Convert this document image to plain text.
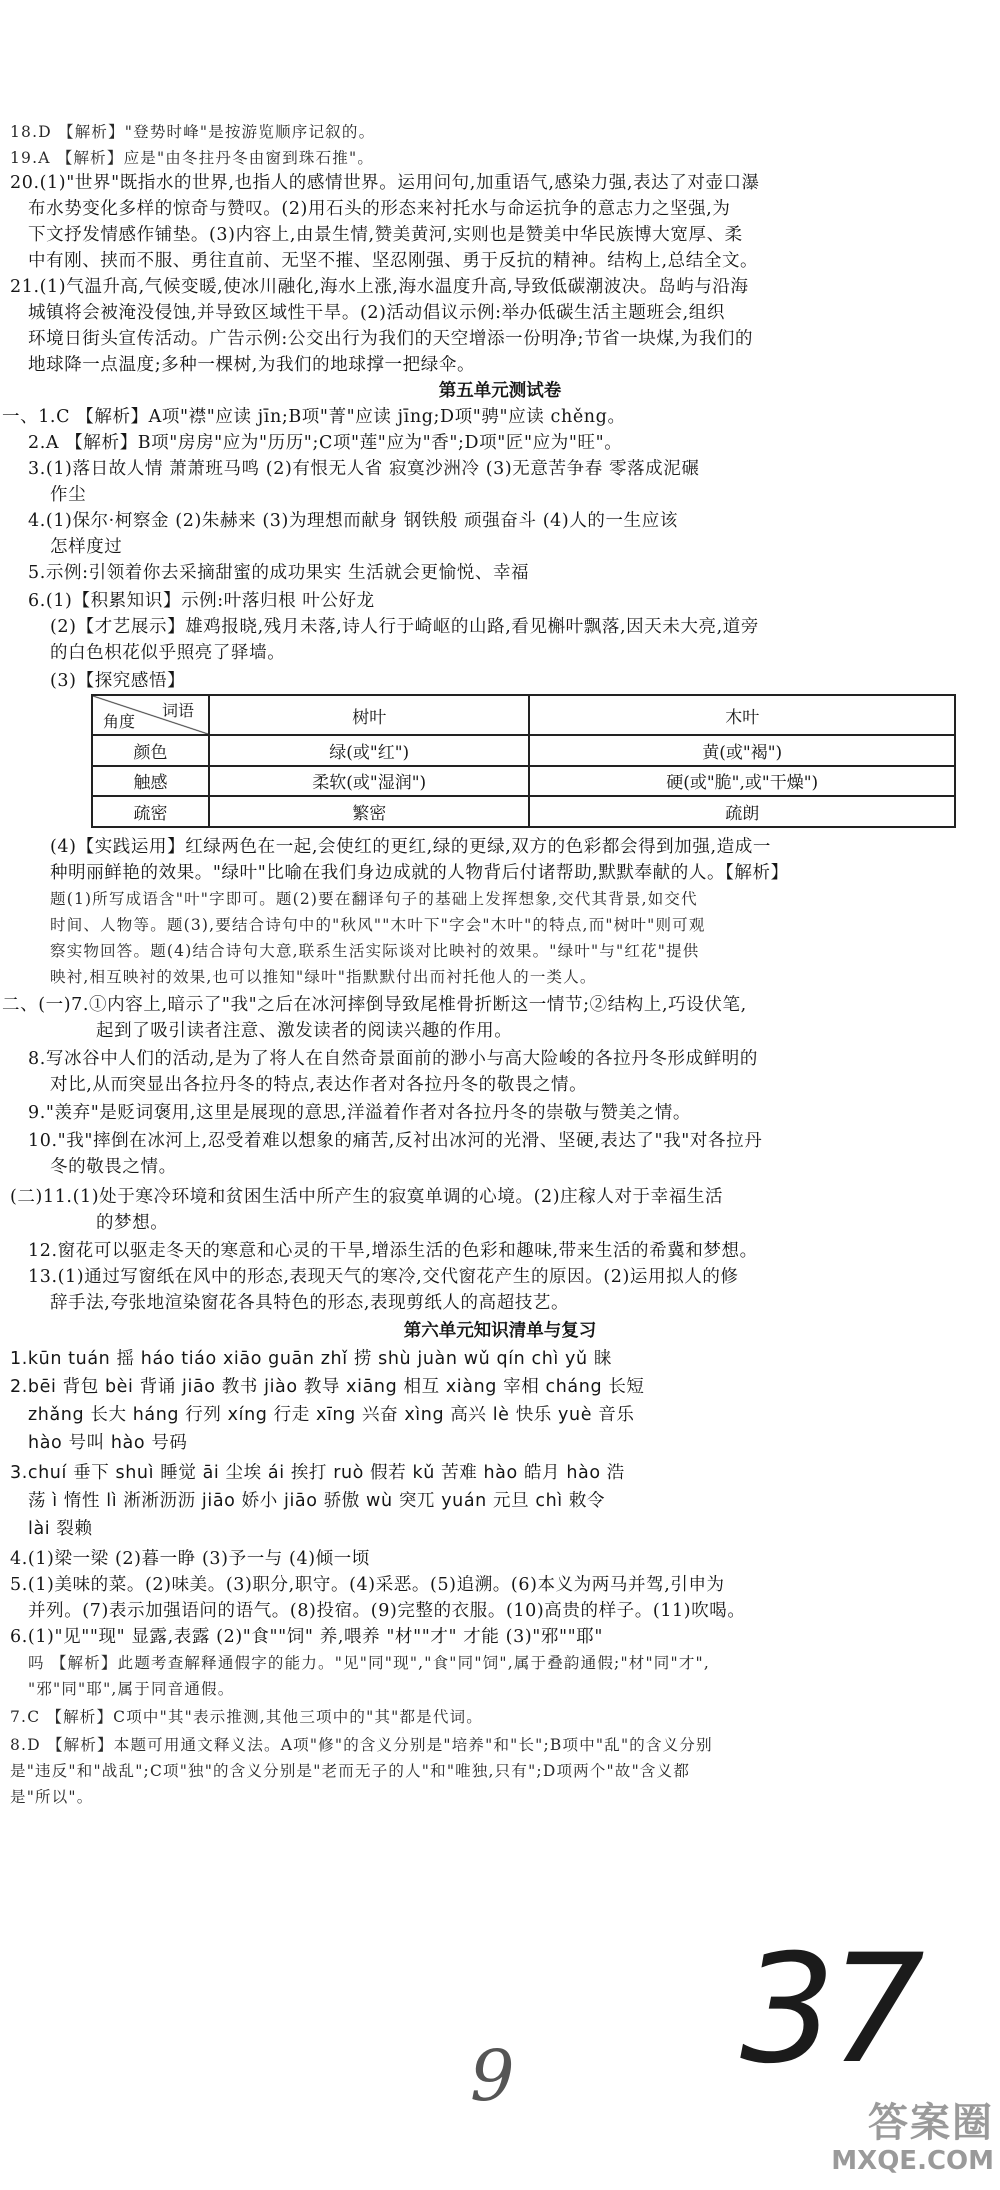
18.D 【解析】"登势时峰"是按游览顺序记叙的。
19.A 【解析】应是"由冬拄丹冬由窗到珠石推"。
20.(1)"世界"既指水的世界,也指人的感情世界。运用问句,加重语气,感染力强,表达了对壶口瀑
布水势变化多样的惊奇与赞叹。(2)用石头的形态来衬托水与命运抗争的意志力之坚强,为
下文抒发情感作铺垫。(3)内容上,由景生情,赞美黄河,实则也是赞美中华民族博大宽厚、柔
中有刚、挟而不服、勇往直前、无坚不摧、坚忍刚强、勇于反抗的精神。结构上,总结全文。
21.(1)气温升高,气候变暖,使冰川融化,海水上涨,海水温度升高,导致低碳潮波决。岛屿与沿海
城镇将会被淹没侵蚀,并导致区域性干旱。(2)活动倡议示例:举办低碳生活主题班会,组织
环境日街头宣传活动。广告示例:公交出行为我们的天空增添一份明净;节省一块煤,为我们的
地球降一点温度;多种一棵树,为我们的地球撑一把绿伞。
第五单元测试卷
一、1.C 【解析】A项"襟"应读 jīn;B项"菁"应读 jīng;D项"骋"应读 chěng。
2.A 【解析】B项"房房"应为"历历";C项"莲"应为"香";D项"匠"应为"旺"。
3.(1)落日故人情 萧萧班马鸣 (2)有恨无人省 寂寞沙洲冷 (3)无意苦争春 零落成泥碾
作尘
4.(1)保尔·柯察金 (2)朱赫来 (3)为理想而献身 钢铁般 顽强奋斗 (4)人的一生应该
怎样度过
5.示例:引领着你去采摘甜蜜的成功果实 生活就会更愉悦、幸福
6.(1)【积累知识】示例:叶落归根 叶公好龙
(2)【才艺展示】雄鸡报晓,残月未落,诗人行于崎岖的山路,看见槲叶飘落,因天未大亮,道旁
的白色枳花似乎照亮了驿墙。
(3)【探究感悟】
词语
角度	树叶	木叶
颜色	绿(或"红")	黄(或"褐")
触感	柔软(或"湿润")	硬(或"脆",或"干燥")
疏密	繁密	疏朗
(4)【实践运用】红绿两色在一起,会使红的更红,绿的更绿,双方的色彩都会得到加强,造成一
种明丽鲜艳的效果。"绿叶"比喻在我们身边成就的人物背后付诸帮助,默默奉献的人。【解析】
题(1)所写成语含"叶"字即可。题(2)要在翻译句子的基础上发挥想象,交代其背景,如交代
时间、人物等。题(3),要结合诗句中的"秋风""木叶下"字会"木叶"的特点,而"树叶"则可观
察实物回答。题(4)结合诗句大意,联系生活实际谈对比映衬的效果。"绿叶"与"红花"提供
映衬,相互映衬的效果,也可以推知"绿叶"指默默付出而衬托他人的一类人。
二、(一)7.①内容上,暗示了"我"之后在冰河摔倒导致尾椎骨折断这一情节;②结构上,巧设伏笔,
起到了吸引读者注意、激发读者的阅读兴趣的作用。
8.写冰谷中人们的活动,是为了将人在自然奇景面前的渺小与高大险峻的各拉丹冬形成鲜明的
对比,从而突显出各拉丹冬的特点,表达作者对各拉丹冬的敬畏之情。
9."羡弃"是贬词褒用,这里是展现的意思,洋溢着作者对各拉丹冬的崇敬与赞美之情。
10."我"摔倒在冰河上,忍受着难以想象的痛苦,反衬出冰河的光滑、坚硬,表达了"我"对各拉丹
冬的敬畏之情。
(二)11.(1)处于寒冷环境和贫困生活中所产生的寂寞单调的心境。(2)庄稼人对于幸福生活
的梦想。
12.窗花可以驱走冬天的寒意和心灵的干旱,增添生活的色彩和趣味,带来生活的希冀和梦想。
13.(1)通过写窗纸在风中的形态,表现天气的寒冷,交代窗花产生的原因。(2)运用拟人的修
辞手法,夸张地渲染窗花各具特色的形态,表现剪纸人的高超技艺。
第六单元知识清单与复习
1.kūn tuán 摇 háo tiáo xiāo guān zhǐ 捞 shù juàn wǔ qín chì yǔ 睐
2.bēi 背包 bèi 背诵 jiāo 教书 jiào 教导 xiāng 相互 xiàng 宰相 cháng 长短
zhǎng 长大 háng 行列 xíng 行走 xīng 兴奋 xìng 高兴 lè 快乐 yuè 音乐
hào 号叫 hào 号码
3.chuí 垂下 shuì 睡觉 āi 尘埃 ái 挨打 ruò 假若 kǔ 苦难 hào 皓月 hào 浩
荡 ì 惰性 lì 淅淅沥沥 jiāo 娇小 jiāo 骄傲 wù 突兀 yuán 元旦 chì 敕令
lài 裂赖
4.(1)梁一梁 (2)暮一睁 (3)予一与 (4)倾一顷
5.(1)美味的菜。(2)味美。(3)职分,职守。(4)采恶。(5)追溯。(6)本义为两马并驾,引申为
并列。(7)表示加强语问的语气。(8)投宿。(9)完整的衣服。(10)高贵的样子。(11)吹喝。
6.(1)"见""现" 显露,表露 (2)"食""饲" 养,喂养 "材""才" 才能 (3)"邪""耶"
吗 【解析】此题考查解释通假字的能力。"见"同"现","食"同"饲",属于叠韵通假;"材"同"才",
"邪"同"耶",属于同音通假。
7.C 【解析】C项中"其"表示推测,其他三项中的"其"都是代词。
8.D 【解析】本题可用通文释义法。A项"修"的含义分别是"培养"和"长";B项中"乱"的含义分别
是"违反"和"战乱";C项"独"的含义分别是"老而无子的人"和"唯独,只有";D项两个"故"含义都
是"所以"。
37
9
答案圈
MXQE.COM
